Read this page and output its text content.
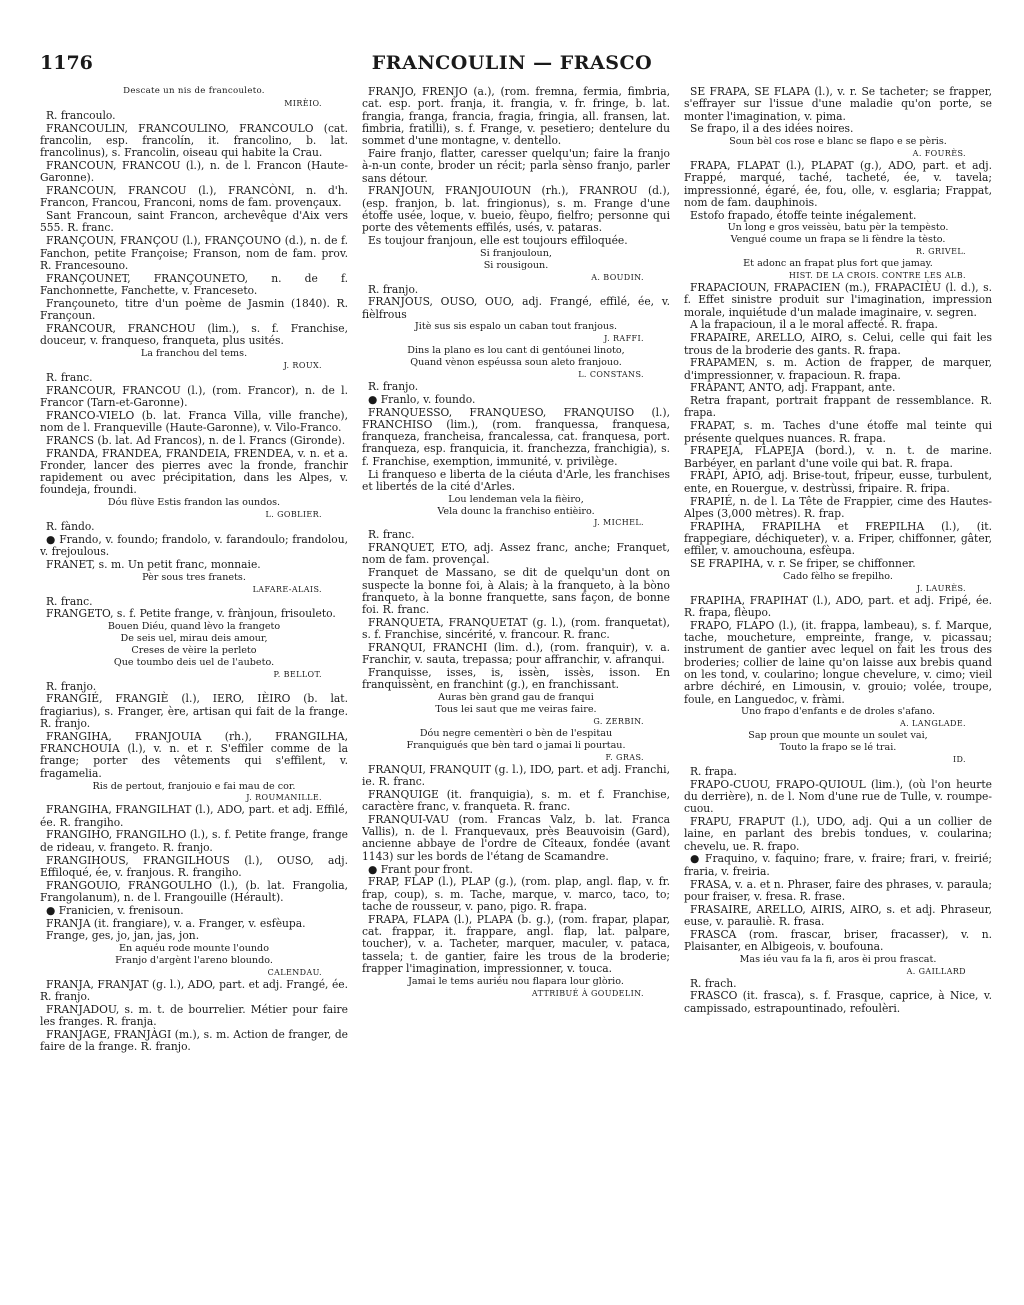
1176	FRANCOULIN — FRASCO

Descate un nis de francouleto.

MIRÈIO.

R. francoulo.

FRANCOULIN, FRANCOULINO, FRANCOULO (cat. francolin, esp. francolín, it. francolino, b. lat. francolinus), s. Francolin, oiseau qui habite la Crau.

FRANCOUN, FRANCOU (l.), n. de l. Francon (Haute-Garonne).

FRANCOUN, FRANCOU (l.), FRANCÒNI, n. d'h. Francon, Francou, Franconi, noms de fam. provençaux.

Sant Francoun, saint Francon, archevêque d'Aix vers 555. R. franc.

FRANÇOUN, FRANÇOU (l.), FRANÇOUNO (d.), n. de f. Fanchon, petite Françoise; Franson, nom de fam. prov. R. Francesouno.

FRANÇOUNET, FRANÇOUNETO, n. de f. Fanchonnette, Fanchette, v. Franceseto.

Françouneto, titre d'un poème de Jasmin (1840). R. Françoun.

FRANCOUR, FRANCHOU (lim.), s. f. Franchise, douceur, v. franqueso, franqueta, plus usités.

La franchou del tems.

J. ROUX.

R. franc.

FRANCOUR, FRANCOU (l.), (rom. Francor), n. de l. Francor (Tarn-et-Garonne).

FRANCO-VIELO (b. lat. Franca Villa, ville franche), nom de l. Franqueville (Haute-Garonne), v. Vilo-Franco.

FRANCS (b. lat. Ad Francos), n. de l. Francs (Gironde).

FRANDA, FRANDEA, FRANDEIA, FRENDEA, v. n. et a. Fronder, lancer des pierres avec la fronde, franchir rapidement ou avec précipitation, dans les Alpes, v. foundeja, froundi.

Dóu flùve Estis frandon las oundos.

L. GOBLIER.

R. fàndo.

● Frando, v. foundo; frandolo, v. farandoulo; frandolou, v. frejoulous.

FRANET, s. m. Un petit franc, monnaie.

Pèr sous tres franets.

LAFARE-ALAIS.

R. franc.

FRANGETO, s. f. Petite frange, v. frànjoun, frisouleto.

Bouen Diéu, quand lèvo la frangeto

De seis uel, mirau deis amour,

Creses de vèire la perleto

Que toumbo deis uel de l'aubeto.

P. BELLOT.

R. franjo.

FRANGIÉ, FRANGIÈ (l.), IERO, IÈIRO (b. lat. fragiarius), s. Franger, ère, artisan qui fait de la frange. R. franjo.

FRANGIHA, FRANJOUIA (rh.), FRANGILHA, FRANCHOUIA (l.), v. n. et r. S'effiler comme de la frange; porter des vêtements qui s'effilent, v. fragamelia.

Ris de pertout, franjouio e fai mau de cor.

J. ROUMANILLE.

FRANGIHA, FRANGILHAT (l.), ADO, part. et adj. Effilé, ée. R. frangiho.

FRANGIHO, FRANGILHO (l.), s. f. Petite frange, frange de rideau, v. frangeto. R. franjo.

FRANGIHOUS, FRANGILHOUS (l.), OUSO, adj. Effiloqué, ée, v. franjous. R. frangiho.

FRANGOUIO, FRANGOULHO (l.), (b. lat. Frangolia, Frangolanum), n. de l. Frangouille (Hérault).

● Franicien, v. frenisoun.

FRANJA (it. frangiare), v. a. Franger, v. esfèupa.

Frange, ges, jo, jan, jas, jon.

En aquéu rode mounte l'oundo

Franjo d'argènt l'areno bloundo.

CALENDAU.

FRANJA, FRANJAT (g. l.), ADO, part. et adj. Frangé, ée. R. franjo.

FRANJADOU, s. m. t. de bourrelier. Métier pour faire les franges. R. franja.

FRANJAGE, FRANJÀGI (m.), s. m. Action de franger, de faire de la frange. R. franjo.

FRANJO, FRENJO (a.), (rom. fremna, fermia, fimbria, cat. esp. port. franja, it. frangia, v. fr. fringe, b. lat. frangia, franga, francia, fragia, fringia, all. fransen, lat. fimbria, fratilli), s. f. Frange, v. pesetiero; dentelure du sommet d'une montagne, v. dentello.

Faire franjo, flatter, caresser quelqu'un; faire la franjo à-n-un conte, broder un récit; parla sènso franjo, parler sans détour.

FRANJOUN, FRANJOUIOUN (rh.), FRANROU (d.), (esp. franjon, b. lat. fringionus), s. m. Frange d'une étoffe usée, loque, v. bueio, fèupo, fielfro; personne qui porte des vêtements effilés, usés, v. pataras.

Es toujour franjoun, elle est toujours effiloquée.

Si franjouloun,

Si rousigoun.

A. BOUDIN.

R. franjo.

FRANJOUS, OUSO, OUO, adj. Frangé, effilé, ée, v. fièlfrous

Jitè sus sis espalo un caban tout franjous.

J. RAFFI.

Dins la plano es lou cant di gentóunei linoto,

Quand vènon espéussa soun aleto franjouo.

L. CONSTANS.

R. franjo.

● Franlo, v. foundo.

FRANQUESSO, FRANQUESO, FRANQUISO (l.), FRANCHISO (lim.), (rom. franquessa, franquesa, franqueza, francheisa, francalessa, cat. franquesa, port. franqueza, esp. franquicia, it. franchezza, franchigia), s. f. Franchise, exemption, immunité, v. privilège.

Li franqueso e liberta de la ciéuta d'Arle, les franchises et libertés de la cité d'Arles.

Lou lendeman vela la fièiro,

Vela dounc la franchiso entièiro.

J. MICHEL.

R. franc.

FRANQUET, ETO, adj. Assez franc, anche; Franquet, nom de fam. provençal.

Franquet de Massano, se dit de quelqu'un dont on suspecte la bonne foi, à Alais; à la franqueto, à la bòno franqueto, à la bonne franquette, sans façon, de bonne foi. R. franc.

FRANQUETA, FRANQUETAT (g. l.), (rom. franquetat), s. f. Franchise, sincérité, v. francour. R. franc.

FRANQUI, FRANCHI (lim. d.), (rom. franquir), v. a. Franchir, v. sauta, trepassa; pour affranchir, v. afranqui.

Franquisse, isses, is, issèn, issès, isson. En franquissènt, en franchint (g.), en franchissant.

Auras bèn grand gau de franqui

Tous lei saut que me veiras faire.

G. ZERBIN.

Dóu negre cementèri o bèn de l'espitau

Franquigués que bèn tard o jamai li pourtau.

F. GRAS.

FRANQUI, FRANQUIT (g. l.), IDO, part. et adj. Franchi, ie. R. franc.

FRANQUIGE (it. franquigia), s. m. et f. Franchise, caractère franc, v. franqueta. R. franc.

FRANQUI-VAU (rom. Francas Valz, b. lat. Franca Vallis), n. de l. Franquevaux, près Beauvoisin (Gard), ancienne abbaye de l'ordre de Cîteaux, fondée (avant 1143) sur les bords de l'étang de Scamandre.

● Frant pour front.

FRAP, FLAP (l.), PLAP (g.), (rom. plap, angl. flap, v. fr. frap, coup), s. m. Tache, marque, v. marco, taco, to; tache de rousseur, v. pano, pigo. R. frapa.

FRAPA, FLAPA (l.), PLAPA (b. g.), (rom. frapar, plapar, cat. frappar, it. frappare, angl. flap, lat. palpare, toucher), v. a. Tacheter, marquer, maculer, v. pataca, tassela; t. de gantier, faire les trous de la broderie; frapper l'imagination, impressionner, v. touca.

Jamai le tems auriéu nou flapara lour glòrio.

ATTRIBUÉ À GOUDELIN.

SE FRAPA, SE FLAPA (l.), v. r. Se tacheter; se frapper, s'effrayer sur l'issue d'une maladie qu'on porte, se monter l'imagination, v. pima.

Se frapo, il a des idées noires.

Soun bèl cos rose e blanc se flapo e se pèris.

A. FOURÈS.

FRAPA, FLAPAT (l.), PLAPAT (g.), ADO, part. et adj. Frappé, marqué, taché, tacheté, ée, v. tavela; impressionné, égaré, ée, fou, olle, v. esglaria; Frappat, nom de fam. dauphinois.

Estofo frapado, étoffe teinte inégalement.

Un long e gros veissèu, batu pèr la tempèsto.

Vengué coume un frapa se li fèndre la tèsto.

R. GRIVEL.

Et adonc an frapat plus fort que jamay.

HIST. DE LA CROIS. CONTRE LES ALB.

FRAPACIOUN, FRAPACIEN (m.), FRAPACIÈU (l. d.), s. f. Effet sinistre produit sur l'imagination, impression morale, inquiétude d'un malade imaginaire, v. segren.

A la frapacioun, il a le moral affecté. R. frapa.

FRAPAIRE, ARELLO, AIRO, s. Celui, celle qui fait les trous de la broderie des gants. R. frapa.

FRAPAMEN, s. m. Action de frapper, de marquer, d'impressionner, v. frapacioun. R. frapa.

FRAPANT, ANTO, adj. Frappant, ante.

Retra frapant, portrait frappant de ressemblance. R. frapa.

FRAPAT, s. m. Taches d'une étoffe mal teinte qui présente quelques nuances. R. frapa.

FRAPEJA, FLAPEJA (bord.), v. n. t. de marine. Barbéyer, en parlant d'une voile qui bat. R. frapa.

FRÀPI, ÀPIO, adj. Brise-tout, fripeur, eusse, turbulent, ente, en Rouergue, v. destrùssi, fripaire. R. fripa.

FRAPIÉ, n. de l. La Tête de Frappier, cime des Hautes-Alpes (3,000 mètres). R. frap.

FRAPIHA, FRAPILHA et FREPILHA (l.), (it. frappegiare, déchiqueter), v. a. Friper, chiffonner, gâter, effiler, v. amouchouna, esfèupa.

SE FRAPIHA, v. r. Se friper, se chiffonner.

Cado fèlho se frepilho.

J. LAURÈS.

FRAPIHA, FRAPIHAT (l.), ADO, part. et adj. Fripé, ée. R. frapa, flèupo.

FRAPO, FLAPO (l.), (it. frappa, lambeau), s. f. Marque, tache, moucheture, empreinte, frange, v. picassau; instrument de gantier avec lequel on fait les trous des broderies; collier de laine qu'on laisse aux brebis quand on les tond, v. coularino; longue chevelure, v. cimo; vieil arbre déchiré, en Limousin, v. grouio; volée, troupe, foule, en Languedoc, v. fràmi.

Uno frapo d'enfants e de droles s'afano.

A. LANGLADE.

Sap proun que mounte un soulet vai,

Touto la frapo se lé trai.

ID.

R. frapa.

FRAPO-CUOU, FRAPO-QUIOUL (lim.), (où l'on heurte du derrière), n. de l. Nom d'une rue de Tulle, v. roumpe-cuou.

FRAPU, FRAPUT (l.), UDO, adj. Qui a un collier de laine, en parlant des brebis tondues, v. coularina; chevelu, ue. R. frapo.

● Fraquino, v. faquino; frare, v. fraire; frari, v. freirié; fraria, v. freiria.

FRASA, v. a. et n. Phraser, faire des phrases, v. paraula; pour fraiser, v. fresa. R. frase.

FRASAIRE, ARELLO, AIRIS, AIRO, s. et adj. Phraseur, euse, v. parauliè. R. frasa.

FRASCA (rom. frascar, briser, fracasser), v. n. Plaisanter, en Albigeois, v. boufouna.

Mas iéu vau fa la fi, aros èi prou frascat.

A. GAILLARD

R. frach.

FRASCO (it. frasca), s. f. Frasque, caprice, à Nice, v. campissado, estrapountinado, refoulèri.
